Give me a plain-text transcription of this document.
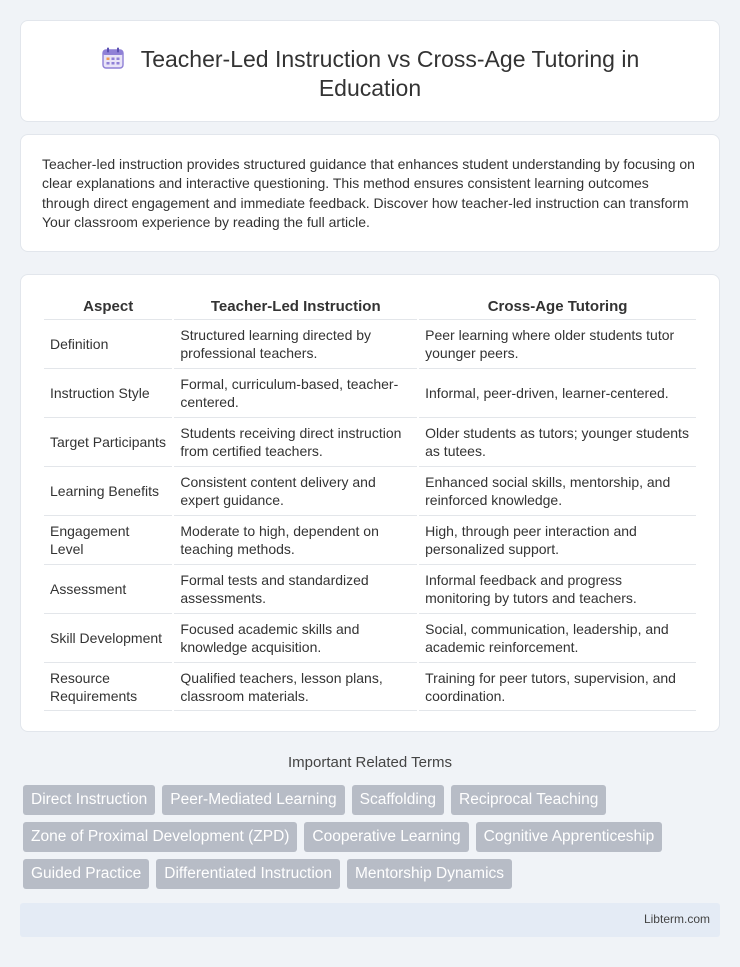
Teacher-Led Instruction vs Cross-Age Tutoring in Education

Teacher-led instruction provides structured guidance that enhances student understanding by focusing on clear explanations and interactive questioning. This method ensures consistent learning outcomes through direct engagement and immediate feedback. Discover how teacher-led instruction can transform Your classroom experience by reading the full article.

Aspect	Teacher-Led Instruction	Cross-Age Tutoring
Definition	Structured learning directed by professional teachers.	Peer learning where older students tutor younger peers.
Instruction Style	Formal, curriculum-based, teacher-centered.	Informal, peer-driven, learner-centered.
Target Participants	Students receiving direct instruction from certified teachers.	Older students as tutors; younger students as tutees.
Learning Benefits	Consistent content delivery and expert guidance.	Enhanced social skills, mentorship, and reinforced knowledge.
Engagement Level	Moderate to high, dependent on teaching methods.	High, through peer interaction and personalized support.
Assessment	Formal tests and standardized assessments.	Informal feedback and progress monitoring by tutors and teachers.
Skill Development	Focused academic skills and knowledge acquisition.	Social, communication, leadership, and academic reinforcement.
Resource Requirements	Qualified teachers, lesson plans, classroom materials.	Training for peer tutors, supervision, and coordination.
Important Related Terms
Direct Instruction	Peer-Mediated Learning	Scaffolding	Reciprocal Teaching
Zone of Proximal Development (ZPD)	Cooperative Learning	Cognitive Apprenticeship
Guided Practice	Differentiated Instruction	Mentorship Dynamics
Libterm.com
